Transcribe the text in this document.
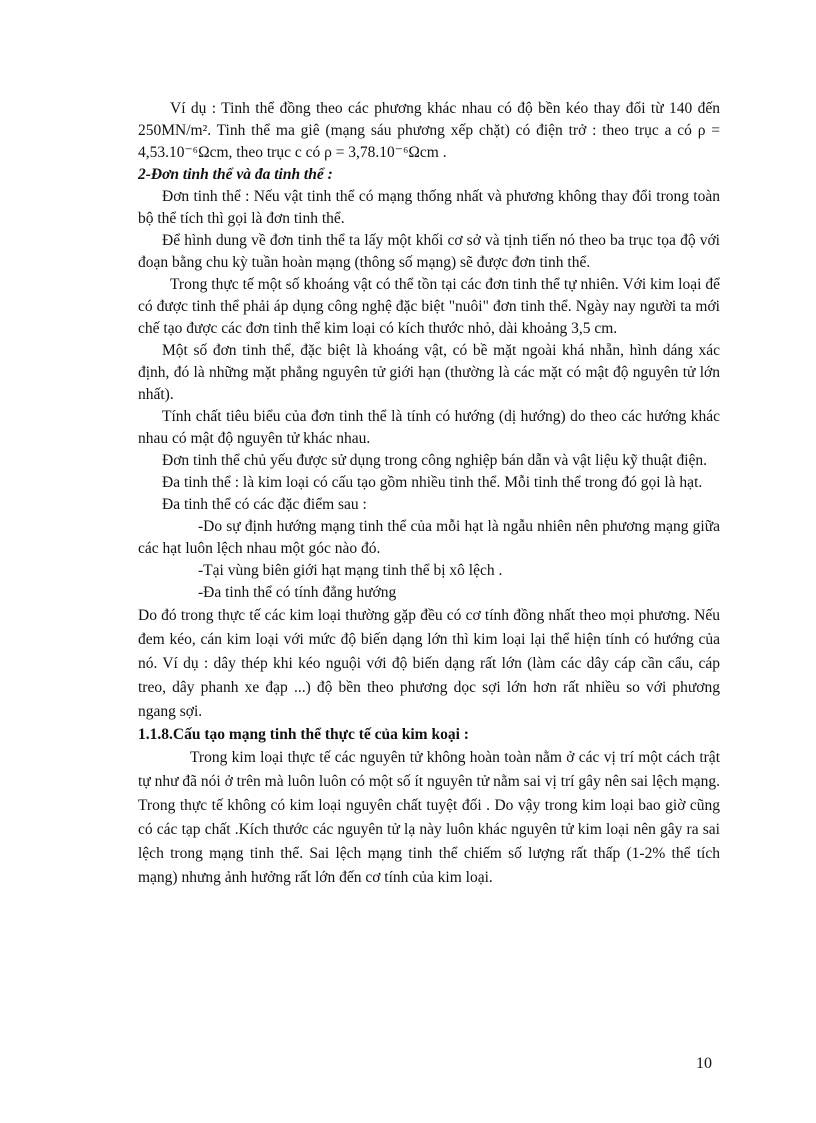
Ví dụ : Tinh thể đồng theo các phương khác nhau có độ bền kéo thay đổi từ 140 đến 250MN/m². Tinh thể ma giê (mạng sáu phương xếp chặt) có điện trở : theo trục a có ρ = 4,53.10⁻⁶Ωcm, theo trục c có ρ = 3,78.10⁻⁶Ωcm .

2-Đơn tinh thể và đa tinh thể :

Đơn tinh thể : Nếu vật tinh thể có mạng thống nhất và phương không thay đổi trong toàn bộ thể tích thì gọi là đơn tinh thể.

Để hình dung về đơn tinh thể ta lấy một khối cơ sở và tịnh tiến nó theo ba trục tọa độ với đoạn bằng chu kỳ tuần hoàn mạng (thông số mạng) sẽ được đơn tinh thể.

Trong thực tế một số khoáng vật có thể tồn tại các đơn tinh thể tự nhiên. Với kim loại để có được tinh thể phải áp dụng công nghệ đặc biệt "nuôi" đơn tinh thể. Ngày nay người ta mới chế tạo được các đơn tinh thể kim loại có kích thước nhỏ, dài khoảng 3,5 cm.

Một số đơn tinh thể, đặc biệt là khoáng vật, có bề mặt ngoài khá nhẵn, hình dáng xác định, đó là những mặt phẳng nguyên tử giới hạn (thường là các mặt có mật độ nguyên tử lớn nhất).

Tính chất tiêu biểu của đơn tinh thể là tính có hướng (dị hướng) do theo các hướng khác nhau có mật độ nguyên tử khác nhau.

Đơn tinh thể chủ yếu được sử dụng trong công nghiệp bán dẫn và vật liệu kỹ thuật điện.

Đa tinh thể : là kim loại có cấu tạo gồm nhiều tinh thể. Mỗi tinh thể trong đó gọi là hạt.

Đa tinh thể có các đặc điểm sau :

-Do sự định hướng mạng tinh thể của mỗi hạt là ngẫu nhiên nên phương mạng giữa các hạt luôn lệch nhau một góc nào đó.

-Tại vùng biên giới hạt mạng tinh thể bị xô lệch .

-Đa tinh thể có tính đẳng hướng

Do đó trong thực tế các kim loại thường gặp đều có cơ tính đồng nhất theo mọi phương. Nếu đem kéo, cán kim loại với mức độ biến dạng lớn thì kim loại lại thể hiện tính có hướng của nó. Ví dụ : dây thép khi kéo nguội với độ biến dạng rất lớn (làm các dây cáp cần cẩu, cáp treo, dây phanh xe đạp ...) độ bền theo phương dọc sợi lớn hơn rất nhiều so với phương ngang sợi.

1.1.8.Cấu tạo mạng tinh thể thực tế của kim koại :

Trong kim loại thực tế các nguyên tử không hoàn toàn nằm ở các vị trí một cách trật tự như đã nói ở trên mà luôn luôn có một số ít nguyên tử nằm sai vị trí gây nên sai lệch mạng. Trong thực tế không có kim loại nguyên chất tuyệt đối . Do vậy trong kim loại bao giờ cũng có các tạp chất .Kích thước các nguyên tử lạ này luôn khác nguyên tử kim loại nên gây ra sai lệch trong mạng tinh thể. Sai lệch mạng tinh thể chiếm số lượng rất thấp (1-2% thể tích mạng) nhưng ảnh hưởng rất lớn đến cơ tính của kim loại.

10
